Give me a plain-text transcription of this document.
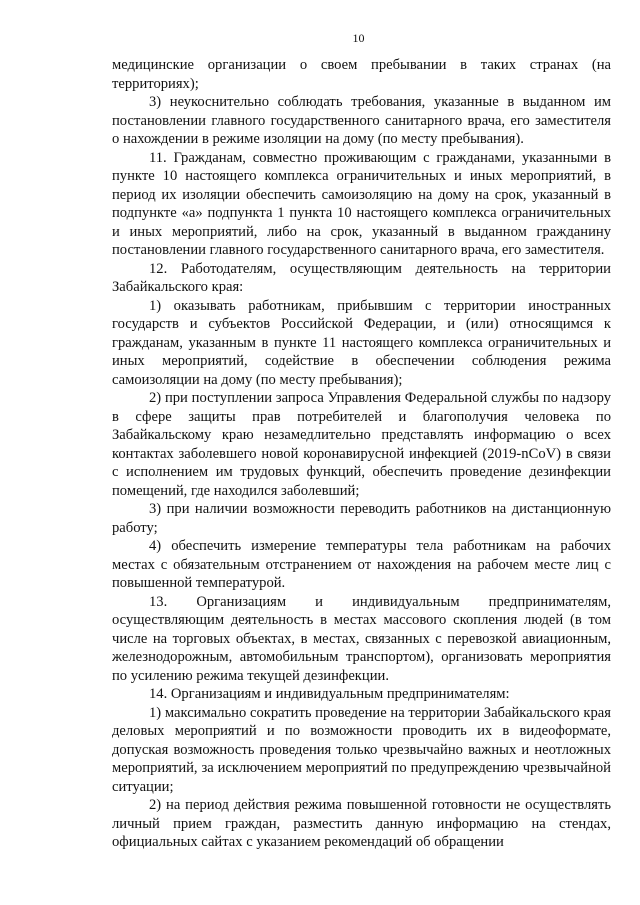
10

медицинские организации о своем пребывании в таких странах (на территориях);

3) неукоснительно соблюдать требования, указанные в выданном им постановлении главного государственного санитарного врача, его заместителя о нахождении в режиме изоляции на дому (по месту пребывания).

11. Гражданам, совместно проживающим с гражданами, указанными в пункте 10 настоящего комплекса ограничительных и иных мероприятий, в период их изоляции обеспечить самоизоляцию на дому на срок, указанный в подпункте «а» подпункта 1 пункта 10 настоящего комплекса ограничительных и иных мероприятий, либо на срок, указанный в выданном гражданину постановлении главного государственного санитарного врача, его заместителя.

12. Работодателям, осуществляющим деятельность на территории Забайкальского края:

1) оказывать работникам, прибывшим с территории иностранных государств и субъектов Российской Федерации, и (или) относящимся к гражданам, указанным в пункте 11 настоящего комплекса ограничительных и иных мероприятий, содействие в обеспечении соблюдения режима самоизоляции на дому (по месту пребывания);

2) при поступлении запроса Управления Федеральной службы по надзору в сфере защиты прав потребителей и благополучия человека по Забайкальскому краю незамедлительно представлять информацию о всех контактах заболевшего новой коронавирусной инфекцией (2019-nCoV) в связи с исполнением им трудовых функций, обеспечить проведение дезинфекции помещений, где находился заболевший;

3) при наличии возможности переводить работников на дистанционную работу;

4) обеспечить измерение температуры тела работникам на рабочих местах с обязательным отстранением от нахождения на рабочем месте лиц с повышенной температурой.

13. Организациям и индивидуальным предпринимателям, осуществляющим деятельность в местах массового скопления людей (в том числе на торговых объектах, в местах, связанных с перевозкой авиационным, железнодорожным, автомобильным транспортом), организовать мероприятия по усилению режима текущей дезинфекции.

14. Организациям и индивидуальным предпринимателям:

1) максимально сократить проведение на территории Забайкальского края деловых мероприятий и по возможности проводить их в видеоформате, допуская возможность проведения только чрезвычайно важных и неотложных мероприятий, за исключением мероприятий по предупреждению чрезвычайной ситуации;

2) на период действия режима повышенной готовности не осуществлять личный прием граждан, разместить данную информацию на стендах, официальных сайтах с указанием рекомендаций об обращении
